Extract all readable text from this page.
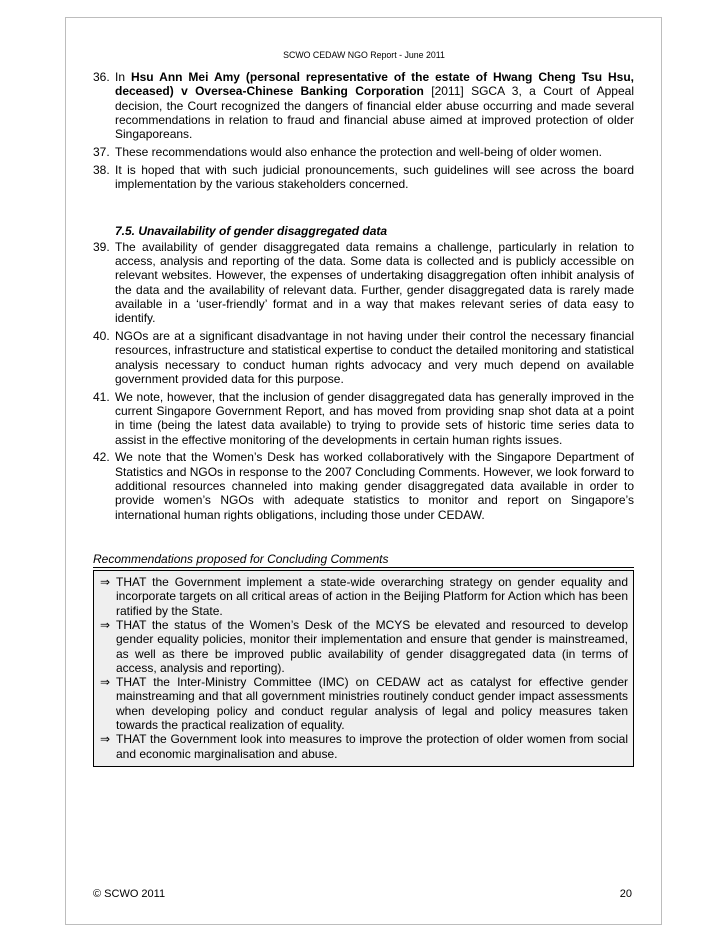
SCWO CEDAW NGO Report - June 2011
36. In Hsu Ann Mei Amy (personal representative of the estate of Hwang Cheng Tsu Hsu, deceased) v Oversea-Chinese Banking Corporation [2011] SGCA 3, a Court of Appeal decision, the Court recognized the dangers of financial elder abuse occurring and made several recommendations in relation to fraud and financial abuse aimed at improved protection of older Singaporeans.
37. These recommendations would also enhance the protection and well-being of older women.
38. It is hoped that with such judicial pronouncements, such guidelines will see across the board implementation by the various stakeholders concerned.
7.5. Unavailability of gender disaggregated data
39. The availability of gender disaggregated data remains a challenge, particularly in relation to access, analysis and reporting of the data. Some data is collected and is publicly accessible on relevant websites. However, the expenses of undertaking disaggregation often inhibit analysis of the data and the availability of relevant data. Further, gender disaggregated data is rarely made available in a ‘user-friendly’ format and in a way that makes relevant series of data easy to identify.
40. NGOs are at a significant disadvantage in not having under their control the necessary financial resources, infrastructure and statistical expertise to conduct the detailed monitoring and statistical analysis necessary to conduct human rights advocacy and very much depend on available government provided data for this purpose.
41. We note, however, that the inclusion of gender disaggregated data has generally improved in the current Singapore Government Report, and has moved from providing snap shot data at a point in time (being the latest data available) to trying to provide sets of historic time series data to assist in the effective monitoring of the developments in certain human rights issues.
42. We note that the Women’s Desk has worked collaboratively with the Singapore Department of Statistics and NGOs in response to the 2007 Concluding Comments. However, we look forward to additional resources channeled into making gender disaggregated data available in order to provide women’s NGOs with adequate statistics to monitor and report on Singapore’s international human rights obligations, including those under CEDAW.
Recommendations proposed for Concluding Comments
⇒ THAT the Government implement a state-wide overarching strategy on gender equality and incorporate targets on all critical areas of action in the Beijing Platform for Action which has been ratified by the State.
⇒ THAT the status of the Women’s Desk of the MCYS be elevated and resourced to develop gender equality policies, monitor their implementation and ensure that gender is mainstreamed, as well as there be improved public availability of gender disaggregated data (in terms of access, analysis and reporting).
⇒ THAT the Inter-Ministry Committee (IMC) on CEDAW act as catalyst for effective gender mainstreaming and that all government ministries routinely conduct gender impact assessments when developing policy and conduct regular analysis of legal and policy measures taken towards the practical realization of equality.
⇒ THAT the Government look into measures to improve the protection of older women from social and economic marginalisation and abuse.
© SCWO 2011	20
